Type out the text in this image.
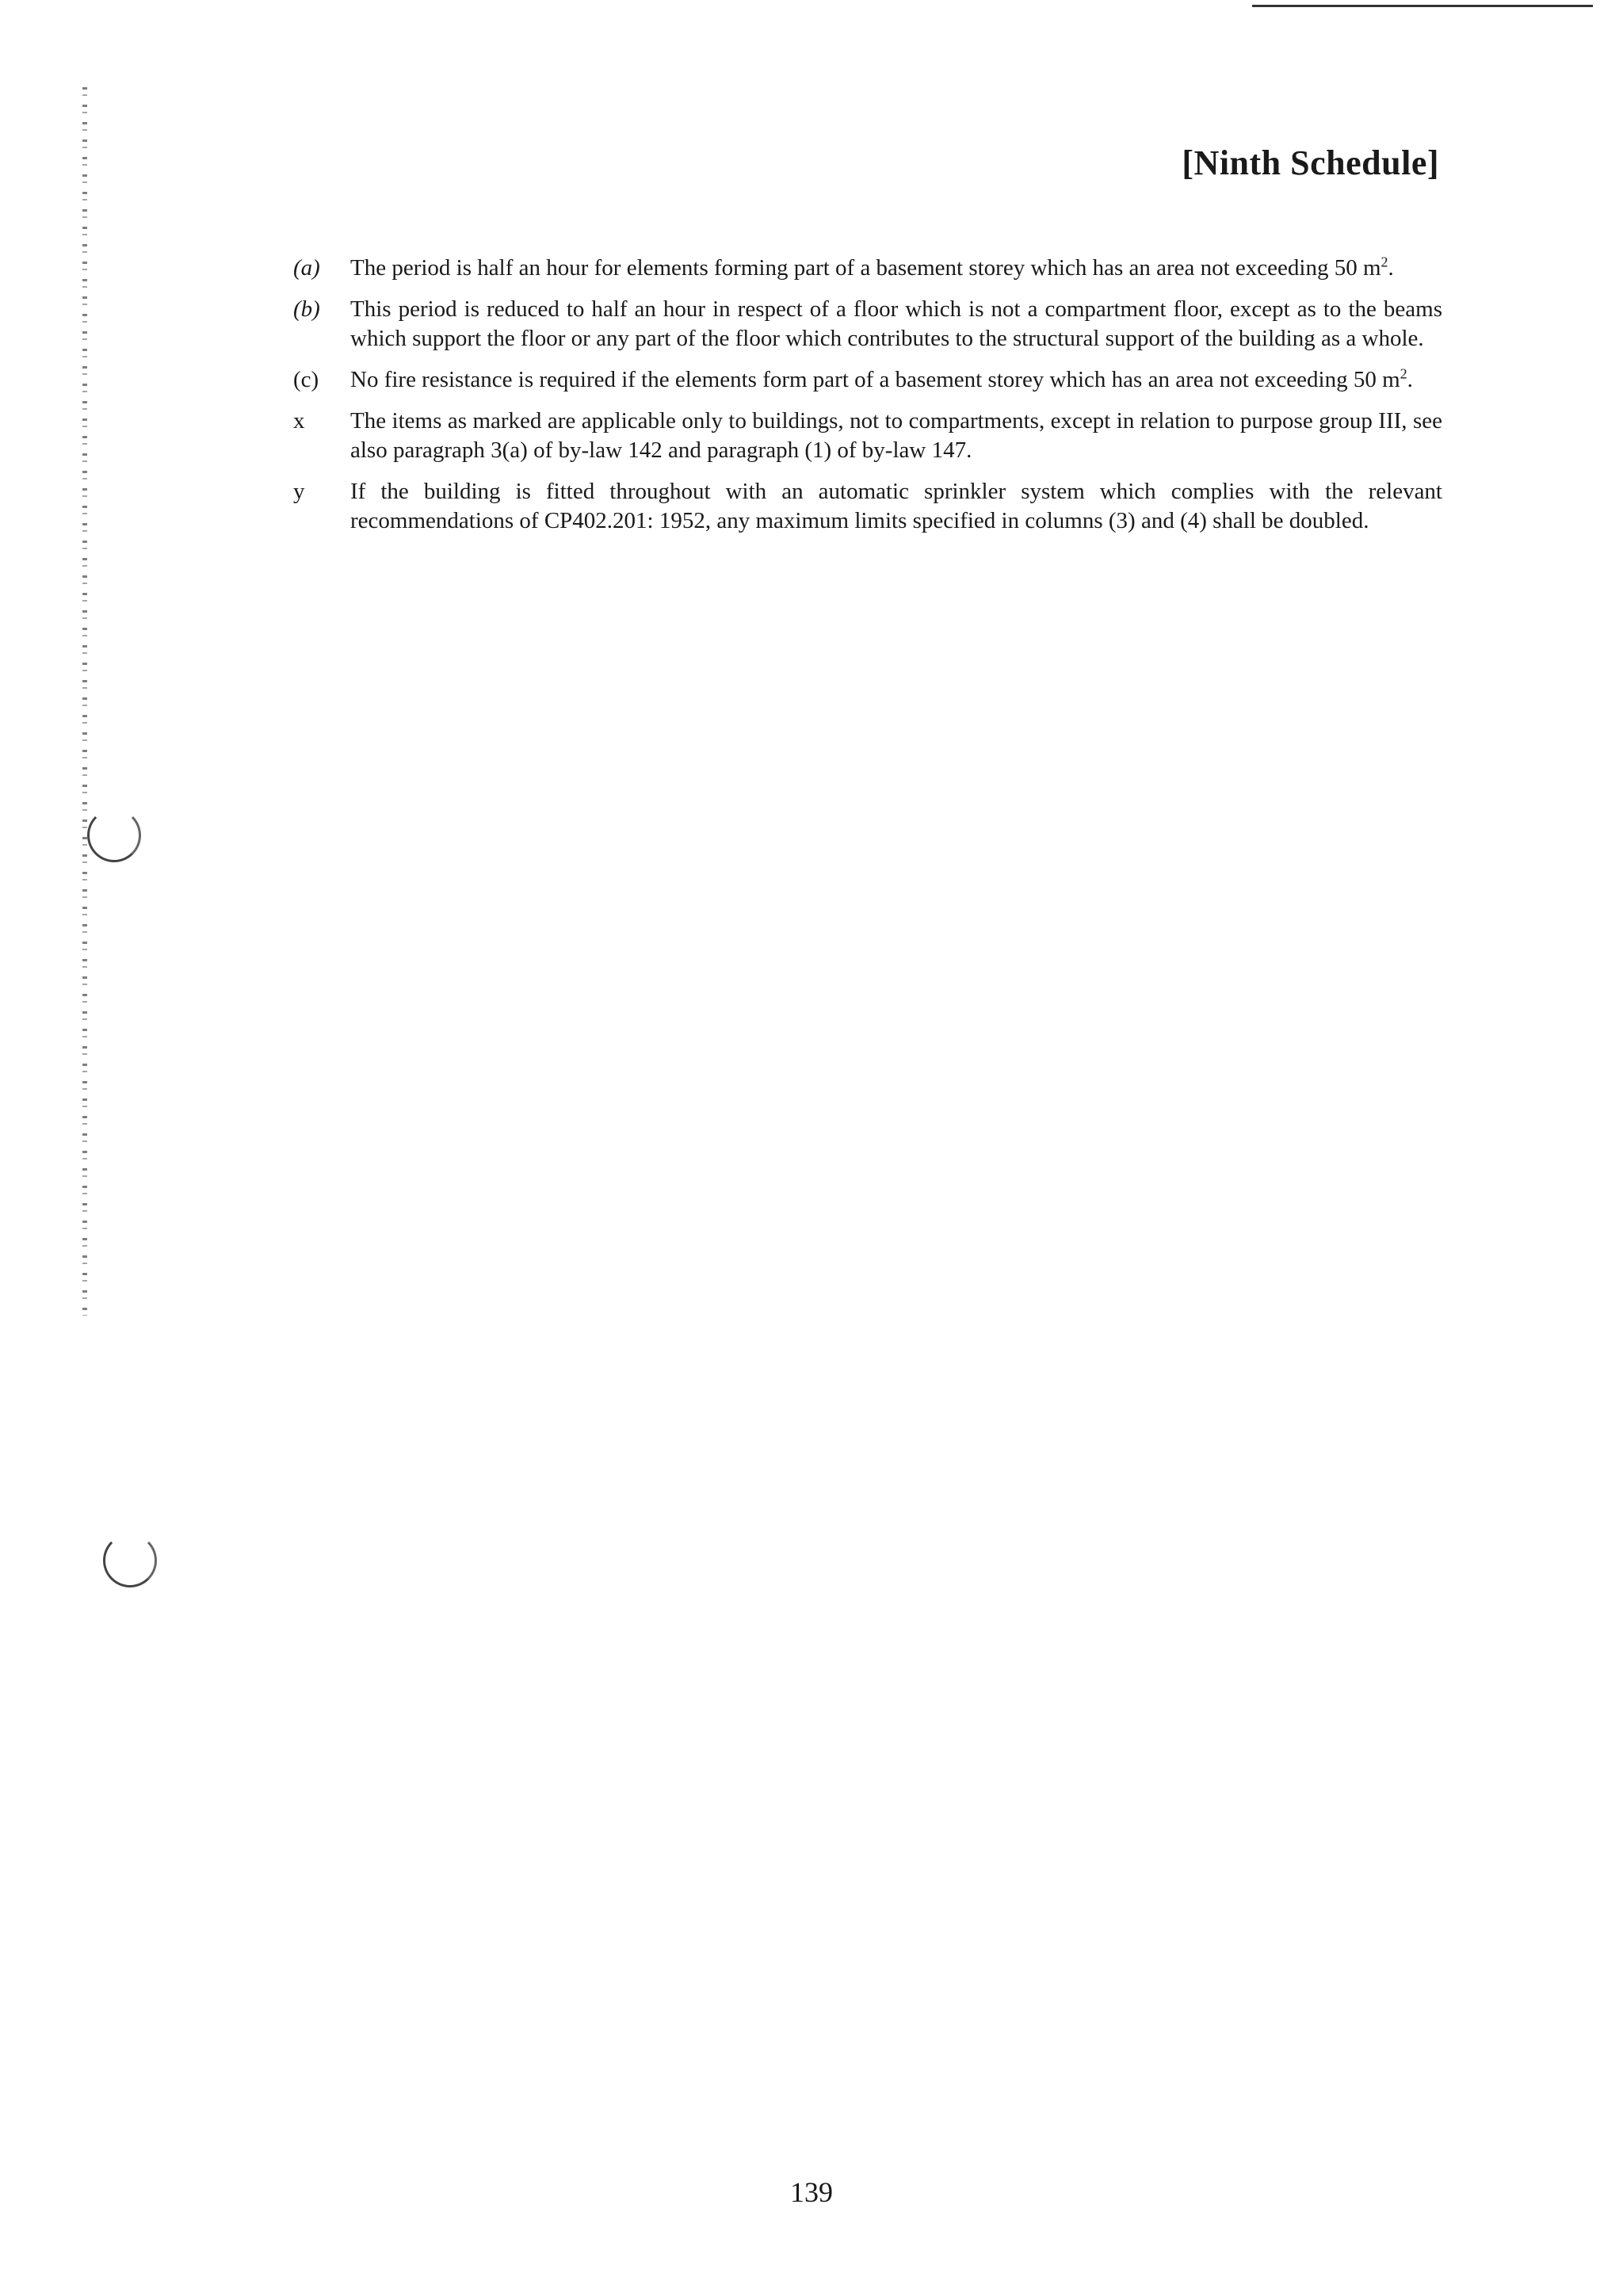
[Ninth Schedule]
(a)	The period is half an hour for elements forming part of a basement storey which has an area not exceeding 50 $m^2$.
(b)	This period is reduced to half an hour in respect of a floor which is not a compartment floor, except as to the beams which support the floor or any part of the floor which contributes to the structural support of the building as a whole.
(c)	No fire resistance is required if the elements form part of a basement storey which has an area not exceeding 50 $m^2$.
x	The items as marked are applicable only to buildings, not to compartments, except in relation to purpose group III, see also paragraph 3(a) of by-law 142 and paragraph (1) of by-law 147.
y	If the building is fitted throughout with an automatic sprinkler system which complies with the relevant recommendations of CP402.201: 1952, any maximum limits specified in columns (3) and (4) shall be doubled.
139
